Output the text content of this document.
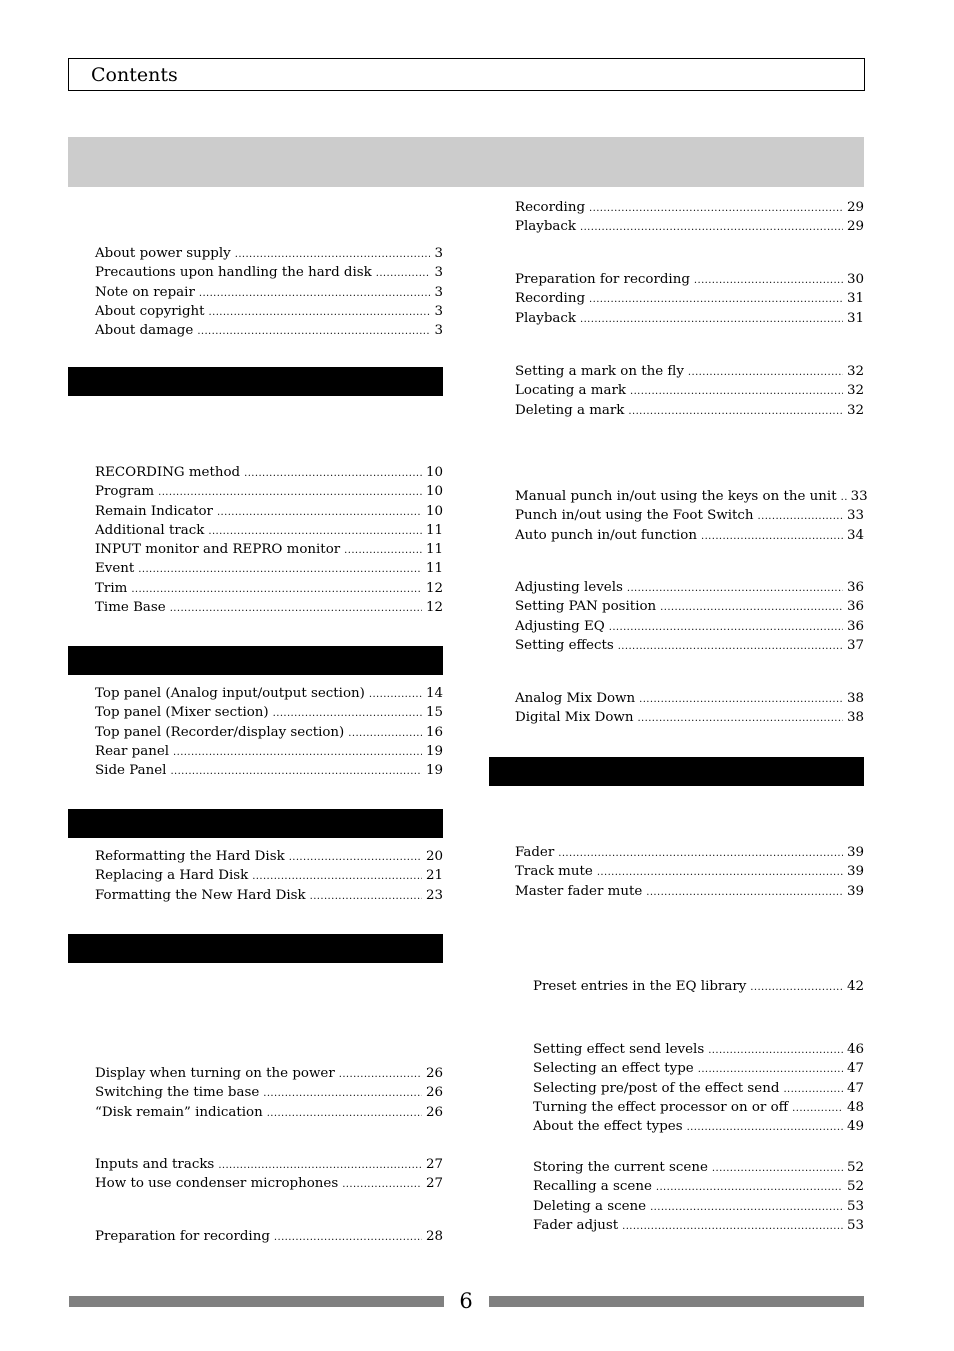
Contents
About power supply .....	3
Precautions upon handling the hard disk .....	3
Note on repair .....	3
About copyright .....	3
About damage .....	3
RECORDING method .....	10
Program .....	10
Remain Indicator .....	10
Additional track .....	11
INPUT monitor and REPRO monitor .....	11
Event .....	11
Trim .....	12
Time Base .....	12
Top panel (Analog input/output section) .....	14
Top panel (Mixer section) .....	15
Top panel (Recorder/display section) .....	16
Rear panel .....	19
Side Panel .....	19
Reformatting the Hard Disk .....	20
Replacing a Hard Disk .....	21
Formatting the New Hard Disk .....	23
Display when turning on the power .....	26
Switching the time base .....	26
“Disk remain” indication .....	26
Inputs and tracks .....	27
How to use condenser microphones .....	27
Preparation for recording .....	28
Recording .....	29
Playback .....	29
Preparation for recording .....	30
Recording .....	31
Playback .....	31
Setting a mark on the fly .....	32
Locating a mark .....	32
Deleting a mark .....	32
Manual punch in/out using the keys on the unit ..... 33
Punch in/out using the Foot Switch .....	33
Auto punch in/out function .....	34
Adjusting levels .....	36
Setting PAN position .....	36
Adjusting EQ .....	36
Setting effects .....	37
Analog Mix Down .....	38
Digital Mix Down .....	38
Fader .....	39
Track mute .....	39
Master fader mute .....	39
Preset entries in the EQ library .....	42
Setting effect send levels .....	46
Selecting an effect type .....	47
Selecting pre/post of the effect send .....	47
Turning the effect processor on or off .....	48
About the effect types .....	49
Storing the current scene .....	52
Recalling a scene .....	52
Deleting a scene .....	53
Fader adjust .....	53
6
